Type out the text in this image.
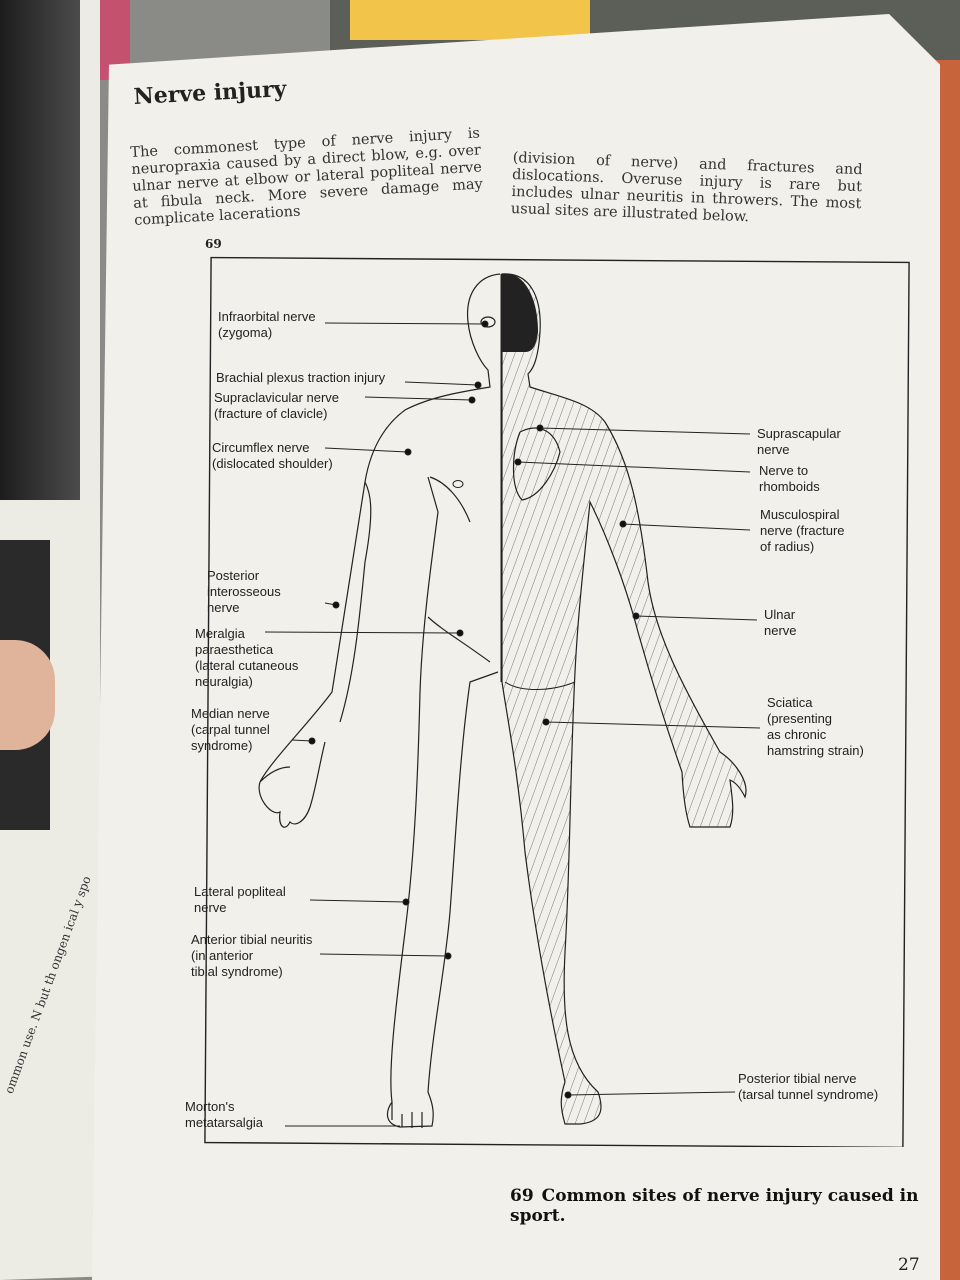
Nerve injury
The commonest type of nerve injury is neuropraxia caused by a direct blow, e.g. over ulnar nerve at elbow or lateral popliteal nerve at fibula neck. More severe damage may complicate lacerations
(division of nerve) and fractures and dislocations. Overuse injury is rare but includes ulnar neuritis in throwers. The most usual sites are illustrated below.
69
Infraorbital nerve
(zygoma)
Brachial plexus traction injury
Supraclavicular nerve
(fracture of clavicle)
Circumflex nerve
(dislocated shoulder)
Posterior
interosseous
nerve
Meralgia
paraesthetica
(lateral cutaneous
neuralgia)
Median nerve
(carpal tunnel
syndrome)
Lateral popliteal
nerve
Anterior tibial neuritis
(in anterior
tibial syndrome)
Morton's
metatarsalgia
Suprascapular
nerve
Nerve to
rhomboids
Musculospiral
nerve (fracture
of radius)
Ulnar
nerve
Sciatica
(presenting
as chronic
hamstring strain)
Posterior tibial nerve
(tarsal tunnel syndrome)
69 Common sites of nerve injury caused in sport.
27
